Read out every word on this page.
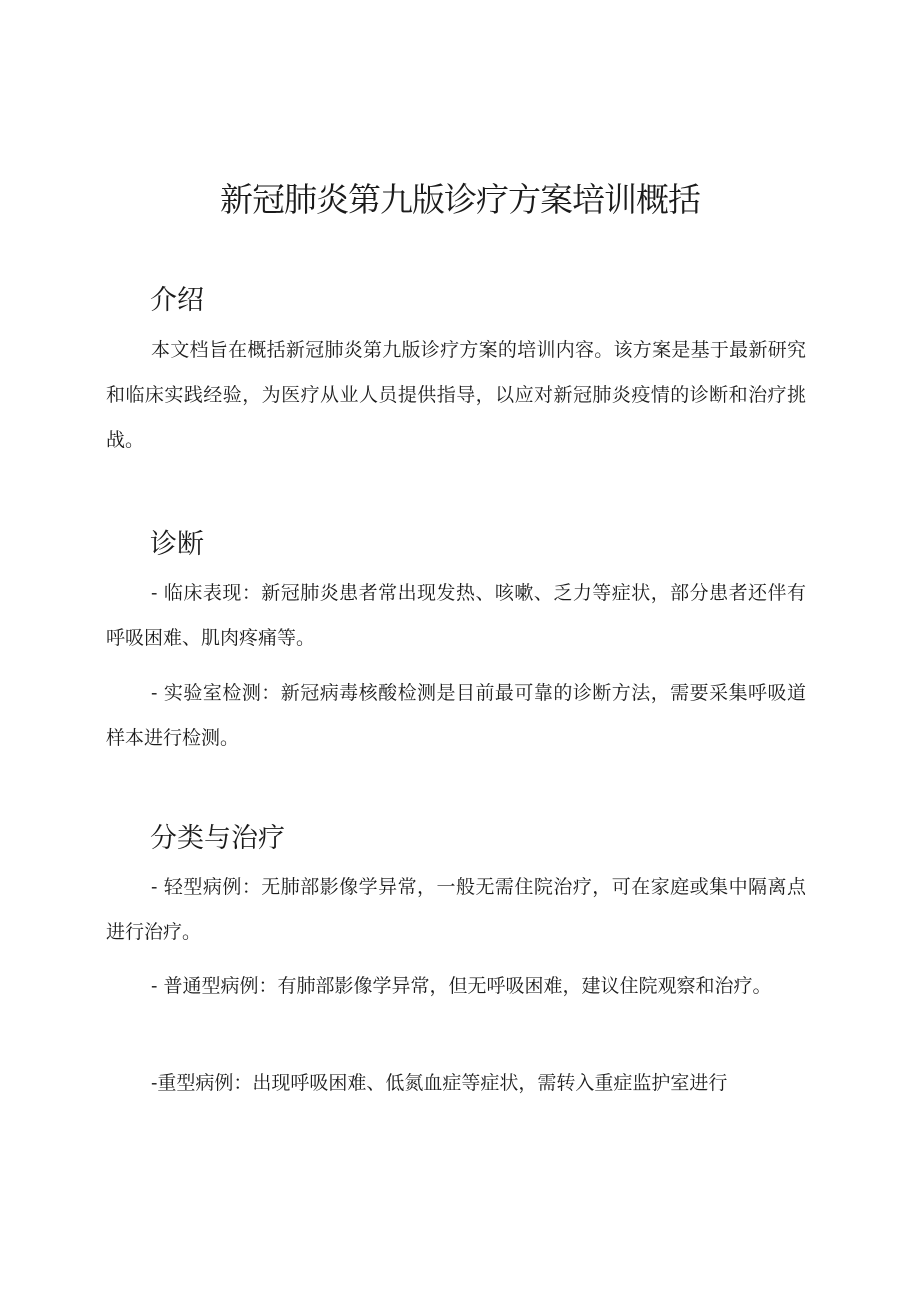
新冠肺炎第九版诊疗方案培训概括
介绍

本文档旨在概括新冠肺炎第九版诊疗方案的培训内容。该方案是基于最新研究和临床实践经验，为医疗从业人员提供指导，以应对新冠肺炎疫情的诊断和治疗挑战。

诊断

- 临床表现：新冠肺炎患者常出现发热、咳嗽、乏力等症状，部分患者还伴有呼吸困难、肌肉疼痛等。

- 实验室检测：新冠病毒核酸检测是目前最可靠的诊断方法，需要采集呼吸道样本进行检测。

分类与治疗

- 轻型病例：无肺部影像学异常，一般无需住院治疗，可在家庭或集中隔离点进行治疗。

- 普通型病例：有肺部影像学异常，但无呼吸困难，建议住院观察和治疗。

-重型病例：出现呼吸困难、低氮血症等症状，需转入重症监护室进行
